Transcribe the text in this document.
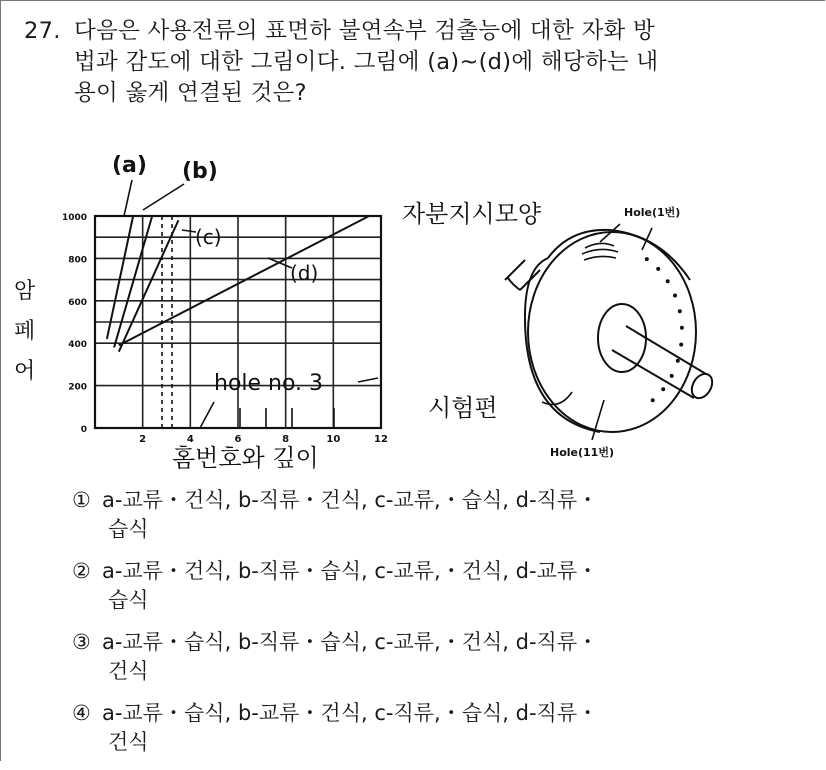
27. 다음은 사용전류의 표면하 불연속부 검출능에 대한 자화 방
법과 감도에 대한 그림이다. 그림에 (a)~(d)에 해당하는 내
용이 옳게 연결된 것은?
1000
800
600
400
200
0
2	4	6	8	10	12
(a) (b)
(c)
(d)
hole no. 3
암 페 어
홈번호와 깊이
자분지시모양	Hole(1번)
시험편
Hole(11번)
① a-교류・건식, b-직류・건식, c-교류,・습식, d-직류・
습식
② a-교류・건식, b-직류・습식, c-교류,・건식, d-교류・
습식
③ a-교류・습식, b-직류・습식, c-교류,・건식, d-직류・
건식
④ a-교류・습식, b-교류・건식, c-직류,・습식, d-직류・
건식
